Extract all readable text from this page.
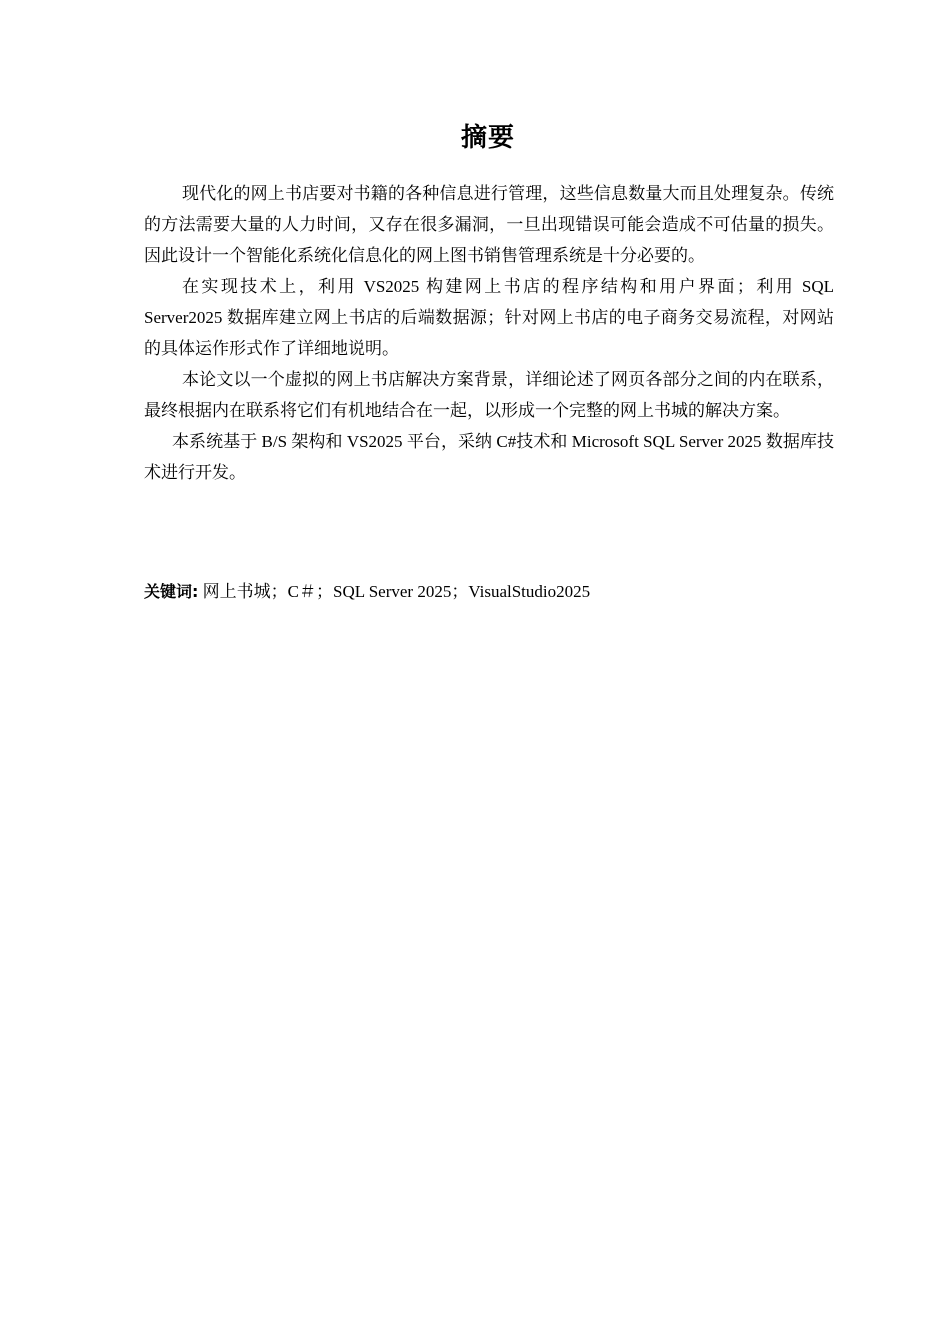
摘要

现代化的网上书店要对书籍的各种信息进行管理，这些信息数量大而且处理复杂。传统的方法需要大量的人力时间，又存在很多漏洞，一旦出现错误可能会造成不可估量的损失。因此设计一个智能化系统化信息化的网上图书销售管理系统是十分必要的。

在实现技术上，利用 VS2025 构建网上书店的程序结构和用户界面；利用 SQL Server2025 数据库建立网上书店的后端数据源；针对网上书店的电子商务交易流程，对网站的具体运作形式作了详细地说明。

本论文以一个虚拟的网上书店解决方案背景，详细论述了网页各部分之间的内在联系，最终根据内在联系将它们有机地结合在一起，以形成一个完整的网上书城的解决方案。

本系统基于 B/S 架构和 VS2025 平台，采纳 C#技术和 Microsoft SQL Server 2025 数据库技术进行开发。

关键词: 网上书城；C＃；SQL Server 2025；VisualStudio2025
